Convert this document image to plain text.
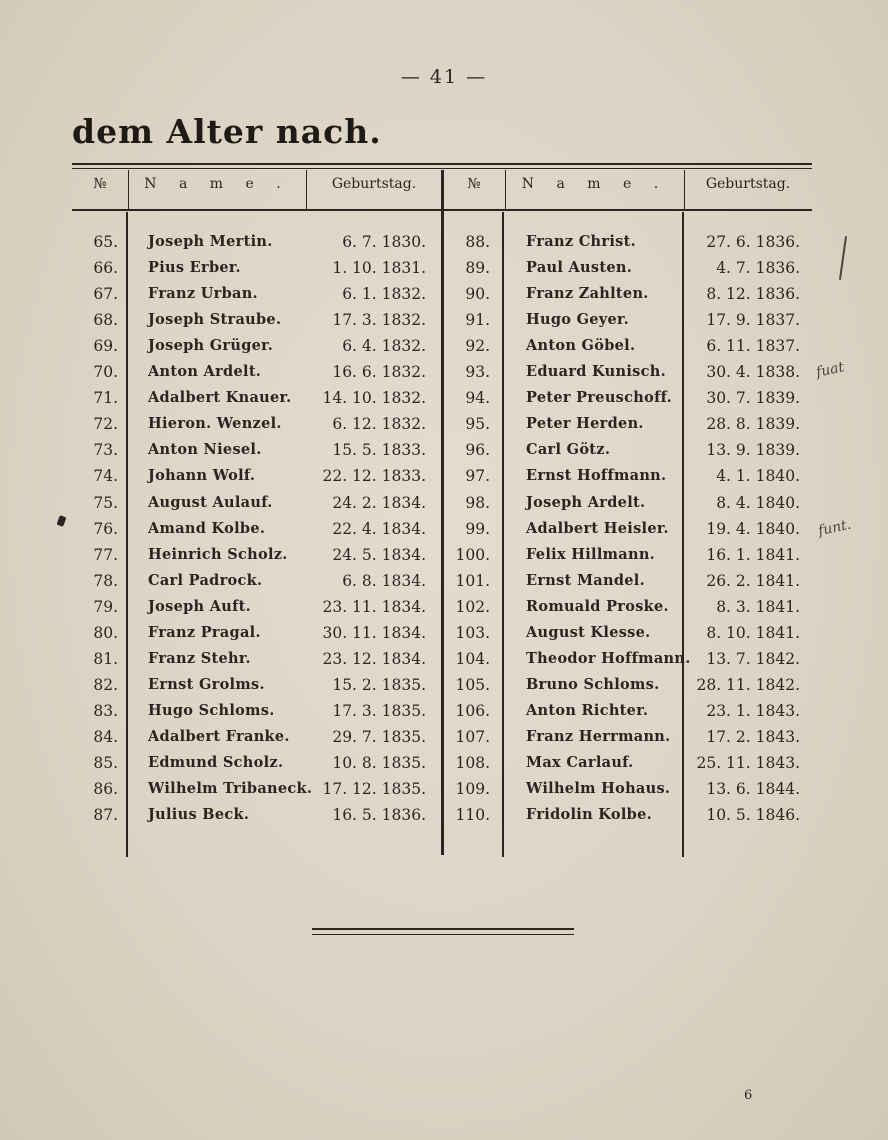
— 41 —
dem Alter nach.
№	N a m e .	Geburtstag.	№	N a m e .	Geburtstag.
65. Joseph Mertin.	6. 7. 1830.
66. Pius Erber.	1. 10. 1831.
67. Franz Urban.	6. 1. 1832.
68. Joseph Straube.	17. 3. 1832.
69. Joseph Grüger.	6. 4. 1832.
70. Anton Ardelt.	16. 6. 1832.
71. Adalbert Knauer.	14. 10. 1832.
72. Hieron. Wenzel.	6. 12. 1832.
73. Anton Niesel.	15. 5. 1833.
74. Johann Wolf.	22. 12. 1833.
75. August Aulauf.	24. 2. 1834.
76. Amand Kolbe.	22. 4. 1834.
77. Heinrich Scholz.	24. 5. 1834.
78. Carl Padrock.	6. 8. 1834.
79. Joseph Auft.	23. 11. 1834.
80. Franz Pragal.	30. 11. 1834.
81. Franz Stehr.	23. 12. 1834.
82. Ernst Grolms.	15. 2. 1835.
83. Hugo Schloms.	17. 3. 1835.
84. Adalbert Franke.	29. 7. 1835.
85. Edmund Scholz.	10. 8. 1835.
86. Wilhelm Tribaneck. 17. 12. 1835.
87. Julius Beck.	16. 5. 1836.
88. Franz Christ.	27. 6. 1836.
89. Paul Austen.	4. 7. 1836.
90. Franz Zahlten.	8. 12. 1836.
91. Hugo Geyer.	17. 9. 1837.
92. Anton Göbel.	6. 11. 1837.
93. Eduard Kunisch.	30. 4. 1838.
94. Peter Preuschoff.	30. 7. 1839.
95. Peter Herden.	28. 8. 1839.
96. Carl Götz.	13. 9. 1839.
97. Ernst Hoffmann.	4. 1. 1840.
98. Joseph Ardelt.	8. 4. 1840.
99. Adalbert Heisler.	19. 4. 1840.
100. Felix Hillmann.	16. 1. 1841.
101. Ernst Mandel.	26. 2. 1841.
102. Romuald Proske.	8. 3. 1841.
103. August Klesse.	8. 10. 1841.
104. Theodor Hoffmann.	13. 7. 1842.
105. Bruno Schloms.	28. 11. 1842.
106. Anton Richter.	23. 1. 1843.
107. Franz Herrmann.	17. 2. 1843.
108. Max Carlauf.	25. 11. 1843.
109. Wilhelm Hohaus.	13. 6. 1844.
110. Fridolin Kolbe.	10. 5. 1846.
fuat
funt.
6
